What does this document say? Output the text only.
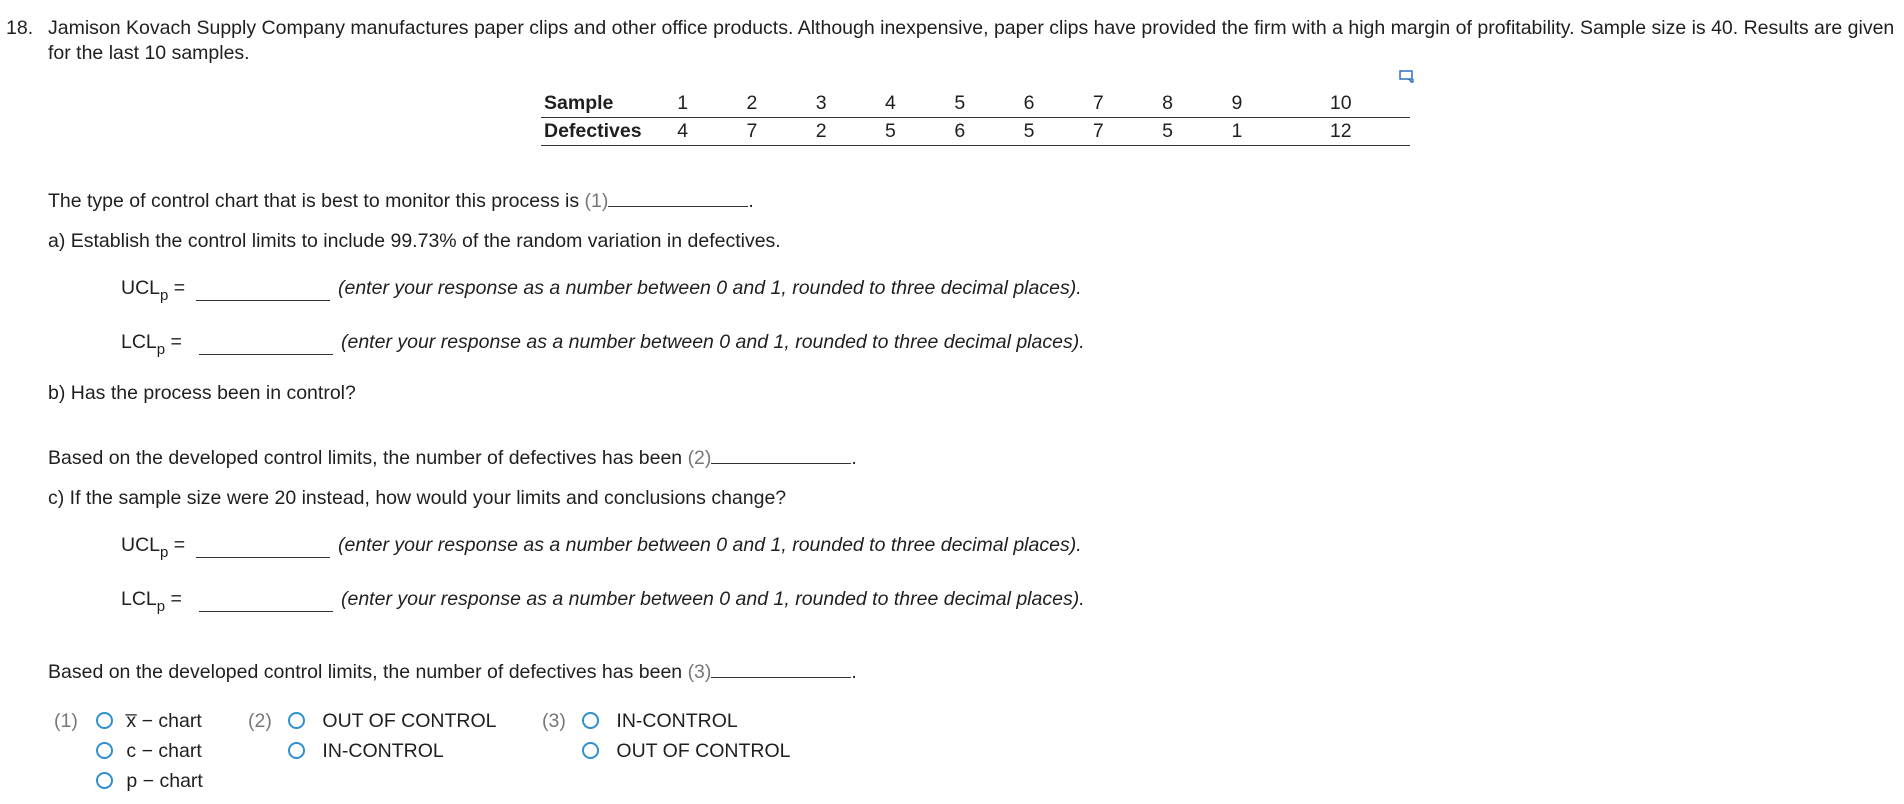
18. Jamison Kovach Supply Company manufactures paper clips and other office products. Although inexpensive, paper clips have provided the firm with a high margin of profitability. Sample size is 40. Results are given for the last 10 samples.
Sample	1	2	3	4	5	6	7	8	9	10
Defectives	4	7	2	5	6	5	7	5	1	12
The type of control chart that is best to monitor this process is (1)	.
a) Establish the control limits to include 99.73% of the random variation in defectives.
$UCL_p$ =	(enter your response as a number between 0 and 1, rounded to three decimal places).
$LCL_p$ =	(enter your response as a number between 0 and 1, rounded to three decimal places).
b) Has the process been in control?
Based on the developed control limits, the number of defectives has been (2)	.
c) If the sample size were 20 instead, how would your limits and conclusions change?
$UCL_p$ =	(enter your response as a number between 0 and 1, rounded to three decimal places).
$LCL_p$ =	(enter your response as a number between 0 and 1, rounded to three decimal places).
Based on the developed control limits, the number of defectives has been (3)	.
(1)	x̅ − chart
c − chart
p − chart
(2)	OUT OF CONTROL
IN-CONTROL
(3)	IN-CONTROL
OUT OF CONTROL
